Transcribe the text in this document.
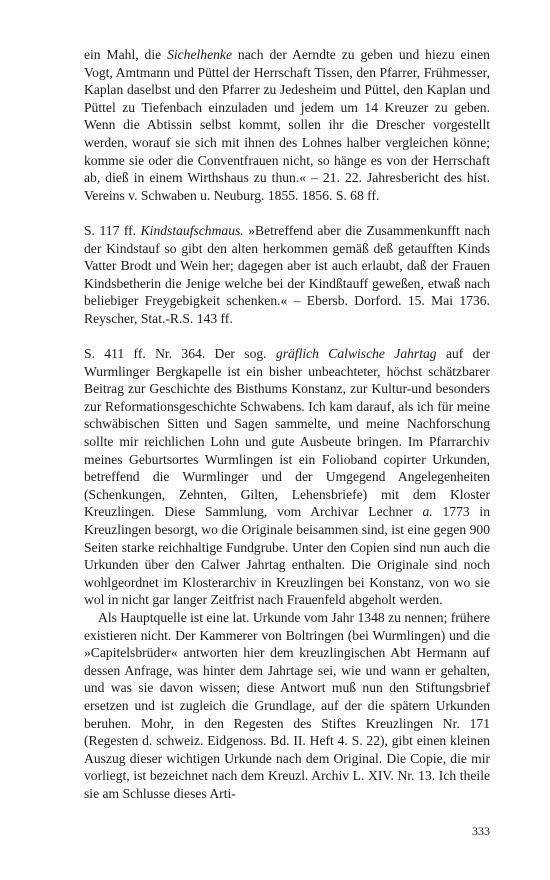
ein Mahl, die Sichelhenke nach der Aerndte zu geben und hiezu einen Vogt, Amtmann und Püttel der Herrschaft Tissen, den Pfarrer, Frühmesser, Kaplan daselbst und den Pfarrer zu Jedesheim und Püttel, den Kaplan und Püttel zu Tiefenbach einzuladen und jedem um 14 Kreuzer zu geben. Wenn die Abtissin selbst kommt, sollen ihr die Drescher vorgestellt werden, worauf sie sich mit ihnen des Lohnes halber vergleichen könne; komme sie oder die Conventfrauen nicht, so hänge es von der Herrschaft ab, dieß in einem Wirthshaus zu thun.« – 21. 22. Jahresbericht des hist. Vereins v. Schwaben u. Neuburg. 1855. 1856. S. 68 ff.

S. 117 ff. Kindstaufschmaus. »Betreffend aber die Zusammenkunfft nach der Kindstauf so gibt den alten herkommen gemäß deß getaufften Kinds Vatter Brodt und Wein her; dagegen aber ist auch erlaubt, daß der Frauen Kindsbetherin die Jenige welche bei der Kindßtauff geweßen, etwaß nach beliebiger Freygebigkeit schenken.« – Ebersb. Dorford. 15. Mai 1736. Reyscher, Stat.-R.S. 143 ff.

S. 411 ff. Nr. 364. Der sog. gräflich Calwische Jahrtag auf der Wurmlinger Bergkapelle ist ein bisher unbeachteter, höchst schätzbarer Beitrag zur Geschichte des Bisthums Konstanz, zur Kultur-und besonders zur Reformationsgeschichte Schwabens. Ich kam darauf, als ich für meine schwäbischen Sitten und Sagen sammelte, und meine Nachforschung sollte mir reichlichen Lohn und gute Ausbeute bringen. Im Pfarrarchiv meines Geburtsortes Wurmlingen ist ein Folioband copirter Urkunden, betreffend die Wurmlinger und der Umgegend Angelegenheiten (Schenkungen, Zehnten, Gilten, Lehensbriefe) mit dem Kloster Kreuzlingen. Diese Sammlung, vom Archivar Lechner a. 1773 in Kreuzlingen besorgt, wo die Originale beisammen sind, ist eine gegen 900 Seiten starke reichhaltige Fundgrube. Unter den Copien sind nun auch die Urkunden über den Calwer Jahrtag enthalten. Die Originale sind noch wohlgeordnet im Klosterarchiv in Kreuzlingen bei Konstanz, von wo sie wol in nicht gar langer Zeitfrist nach Frauenfeld abgeholt werden.

Als Hauptquelle ist eine lat. Urkunde vom Jahr 1348 zu nennen; frühere existieren nicht. Der Kammerer von Boltringen (bei Wurmlingen) und die »Capitelsbrüder« antworten hier dem kreuzlingischen Abt Hermann auf dessen Anfrage, was hinter dem Jahrtage sei, wie und wann er gehalten, und was sie davon wissen; diese Antwort muß nun den Stiftungsbrief ersetzen und ist zugleich die Grundlage, auf der die spätern Urkunden beruhen. Mohr, in den Regesten des Stiftes Kreuzlingen Nr. 171 (Regesten d. schweiz. Eidgenoss. Bd. II. Heft 4. S. 22), gibt einen kleinen Auszug dieser wichtigen Urkunde nach dem Original. Die Copie, die mir vorliegt, ist bezeichnet nach dem Kreuzl. Archiv L. XIV. Nr. 13. Ich theile sie am Schlusse dieses Arti-

333
